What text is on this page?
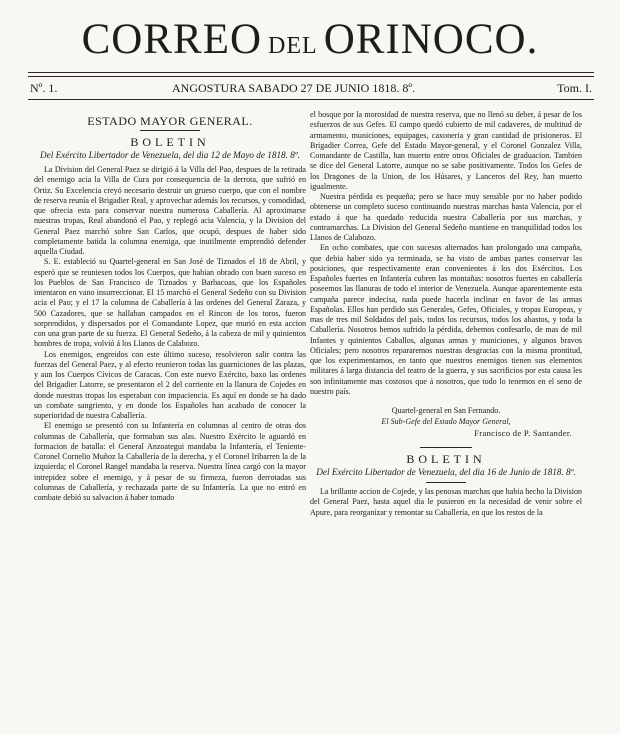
CORREO DEL ORINOCO.
Nº. 1.	ANGOSTURA SABADO 27 DE JUNIO 1818. 8º.	Tom. I.
ESTADO MAYOR GENERAL.
BOLETIN
Del Exército Libertador de Venezuela, del dia 12 de Mayo de 1818. 8º.

La Division del General Paez se dirigió á la Villa del Pao, despues de la retirada del enemigo acia la Villa de Cura por consequencia de la derrota, que sufrió en Ortiz. Su Excelencia creyó necesario destruir un grueso cuerpo, que con el nombre de reserva reunía el Brigadier Real, y aprovechar además los recursos, y comodidad, que ofrecia esta para conservar nuestra numerosa Caballería. Al aproximarse nuestras tropas, Real abandonó el Pao, y replegó acia Valencia, y la Division del General Paez marchó sobre San Carlos, que ocupó, despues de haber sido completamente batida la columna enemiga, que inutilmente emprendió defender aquella Ciudad.

S. E. estableció su Quartel-general en San José de Tiznados el 18 de Abril, y esperó que se reuniesen todos los Cuerpos, que habian obrado con buen suceso en los Pueblos de San Francisco de Tiznados y Barbacoas, que los Españoles intentaron en vano insurreccionar. El 15 marchó el General Sedeño con su Division acia el Pao; y el 17 la columna de Caballería à las ordenes del General Zaraza, y 500 Cazadores, que se hallaban campados en el Rincon de los toros, fueron sorprendidos, y dispersados por el Comandante Lopez, que murió en esta accion con una gran parte de su fuerza. El General Sedeño, á la cabeza de mil y quinientos hombres de tropa, volvió á los Llanos de Calabozo.

Los enemigos, engreidos con este último suceso, resolvieron salir contra las fuerzas del General Paez, y al efecto reunieron todas las guarniciones de las plazas, y aun los Cuerpos Cívicos de Caracas. Con este nuevo Exército, baxo las ordenes del Brigadier Latorre, se presentaron el 2 del corriente en la llanura de Cojedes en donde nuestras tropas los esperaban con impaciencia. Es aquí en donde se ha dado un combate sangriento, y en donde los Españoles han acabado de conocer la superioridad de nuestra Caballería.

El enemigo se presentó con su Infantería en columnas al centro de otras dos columnas de Caballería, que formaban sus alas. Nuestro Exército le aguardó en formacion de batalla: el General Anzoategui mandaba la Infantería, el Teniente-Coronel Cornelio Muñoz la Caballería de la derecha, y el Coronel Iribarren la de la izquierda; el Coronel Rangel mandaba la reserva. Nuestra línea cargó con la mayor intrepidez sobre el enemigo, y á pesar de su firmeza, fueron derrotadas sus columnas de Caballería, y rechazada parte de su Infantería. La que no entró en combate debió su salvacion á haber tomado

el bosque por la morosidad de nuestra reserva, que no llenó su deber, á pesar de los esfuerzos de sus Gefes. El campo quedó cubierto de mil cadaveres, de multitud de armamento, municiones, equipages, caxoneria y gran cantidad de prisioneros. El Brigadier Correa, Gefe del Estado Mayor-general, y el Coronel Gonzalez Villa, Comandante de Castilla, han muerto entre otros Oficiales de graduacion. Tambien se dice del General Latorre, aunque no se sabe positivamente. Todos los Gefes de los Dragones de la Union, de los Húsares, y Lanceros del Rey, han muerto igualmente.

Nuestra pérdida es pequeña; pero se hace muy sensible por no haber podido obtenerse un completo suceso continuando nuestras marchas hasta Valencia, por el estado á que ha quedado reducida nuestra Caballería por sus marchas, y contramarchas. La Division del General Sedeño mantiene en tranquilidad todos los Llanos de Calabozo.

En ocho combates, que con sucesos alternados han prolongado una campaña, que debia haber sido ya terminada, se ha visto de ambas partes conservar las posiciones, que respectivamente eran convenientes á los dos Exércitos. Los Españoles fuertes en Infantería cubren las montañas: nosotros fuertes en caballería poseemos las llanuras de todo el interior de Venezuela. Aunque aparentemente esta campaña parece indecisa, nada puede hacerla inclinar en favor de las armas Españolas. Ellos han perdido sus Generales, Gefes, Oficiales, y tropas Europeas, y mas de tres mil Soldados del país, todos los recursos, todos los abastos, y toda la Caballería. Nosotros hemos sufrido la pérdida, debemos confesarlo, de mas de mil Infantes y quinientos Caballos, algunas armas y municiones, y algunos bravos Oficiales; pero nosotros repararemos nuestras desgracias con la misma prontitud, que los experimentamos, en tanto que nuestros enemigos tienen sus elementos militares á larga distancia del teatro de la guerra, y sus sacrificios por esta causa les son infinitamente mas costosos que á nosotros, que todo lo tenemos en el seno de nuestro país.

Quartel-general en San Fernando.
El Sub-Gefe del Estado Mayor General,
Francisco de P. Santander.
BOLETIN
Del Exército Libertador de Venezuela, del dia 16 de Junio de 1818. 8º.

La brillante accion de Cojede, y las penosas marchas que habia hecho la Division del General Paez, hasta aquel dia le pusieron en la necesidad de venir sobre el Apure, para reorganizar y remontar su Caballería, en que los restos de la
